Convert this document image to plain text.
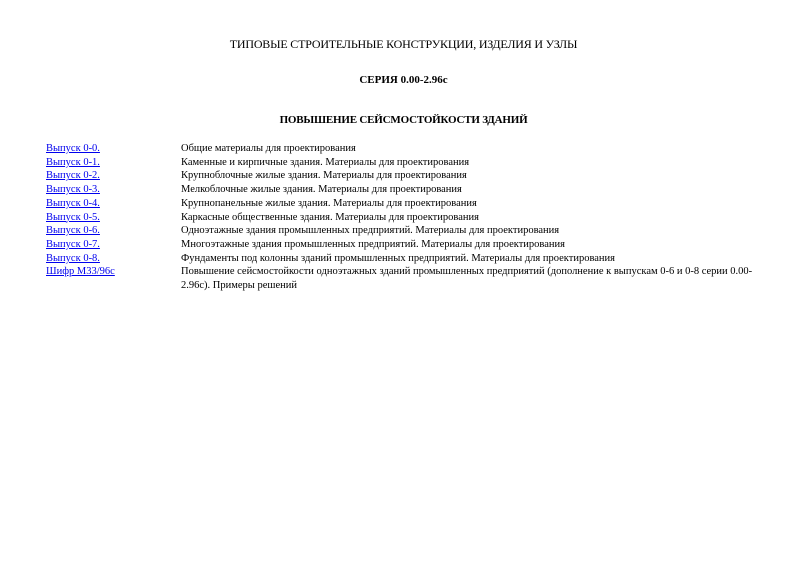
ТИПОВЫЕ СТРОИТЕЛЬНЫЕ КОНСТРУКЦИИ, ИЗДЕЛИЯ И УЗЛЫ
СЕРИЯ 0.00-2.96с
ПОВЫШЕНИЕ СЕЙСМОСТОЙКОСТИ ЗДАНИЙ
Выпуск 0-0.	Общие материалы для проектирования
Выпуск 0-1.	Каменные и кирпичные здания. Материалы для проектирования
Выпуск 0-2.	Крупноблочные жилые здания. Материалы для проектирования
Выпуск 0-3.	Мелкоблочные жилые здания. Материалы для проектирования
Выпуск 0-4.	Крупнопанельные жилые здания. Материалы для проектирования
Выпуск 0-5.	Каркасные общественные здания. Материалы для проектирования
Выпуск 0-6.	Одноэтажные здания промышленных предприятий. Материалы для проектирования
Выпуск 0-7.	Многоэтажные здания промышленных предприятий. Материалы для проектирования
Выпуск 0-8.	Фундаменты под колонны зданий промышленных предприятий. Материалы для проектирования
Шифр М33/96с	Повышение сейсмостойкости одноэтажных зданий промышленных предприятий (дополнение к выпускам 0-6 и 0-8 серии 0.00-2.96с). Примеры решений
